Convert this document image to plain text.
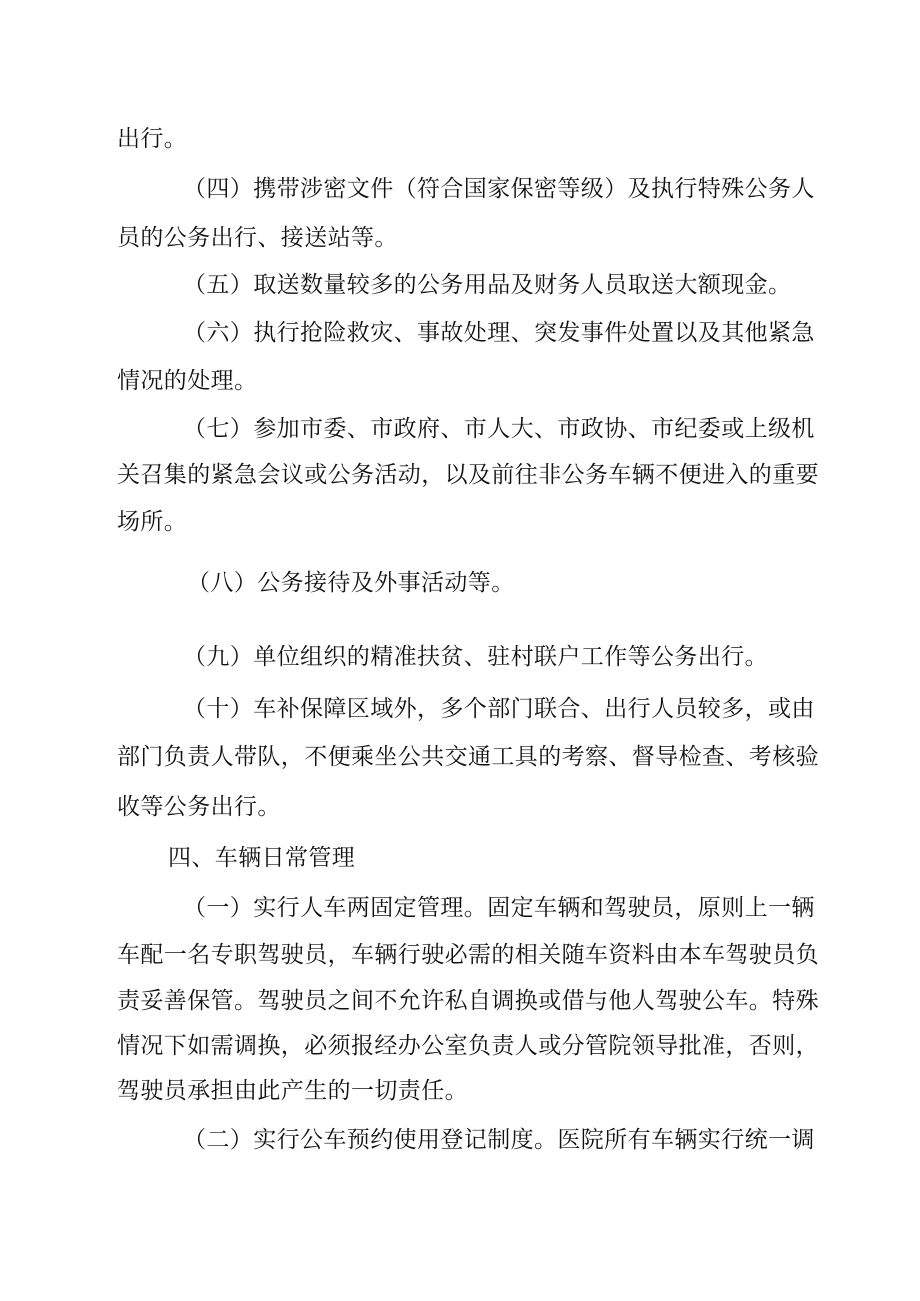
出行。
（四）携带涉密文件（符合国家保密等级）及执行特殊公务人
员的公务出行、接送站等。
（五）取送数量较多的公务用品及财务人员取送大额现金。
（六）执行抢险救灾、事故处理、突发事件处置以及其他紧急
情况的处理。
（七）参加市委、市政府、市人大、市政协、市纪委或上级机
关召集的紧急会议或公务活动，以及前往非公务车辆不便进入的重要
场所。
（八）公务接待及外事活动等。
（九）单位组织的精准扶贫、驻村联户工作等公务出行。
（十）车补保障区域外，多个部门联合、出行人员较多，或由
部门负责人带队，不便乘坐公共交通工具的考察、督导检查、考核验
收等公务出行。
四、车辆日常管理
（一）实行人车两固定管理。固定车辆和驾驶员，原则上一辆
车配一名专职驾驶员，车辆行驶必需的相关随车资料由本车驾驶员负
责妥善保管。驾驶员之间不允许私自调换或借与他人驾驶公车。特殊
情况下如需调换，必须报经办公室负责人或分管院领导批准，否则，
驾驶员承担由此产生的一切责任。
（二）实行公车预约使用登记制度。医院所有车辆实行统一调
